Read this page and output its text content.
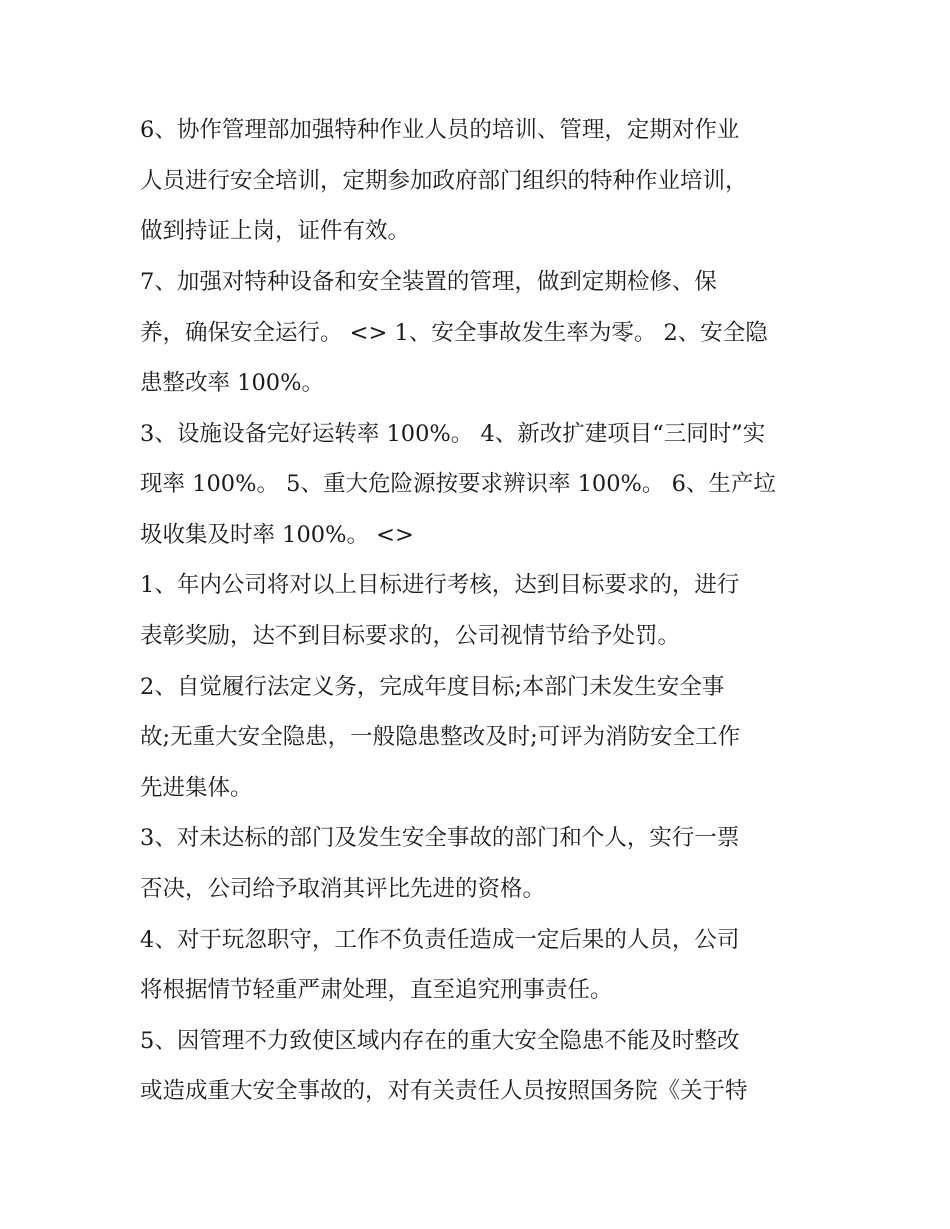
6、协作管理部加强特种作业人员的培训、管理，定期对作业

人员进行安全培训，定期参加政府部门组织的特种作业培训，

做到持证上岗，证件有效。

7、加强对特种设备和安全装置的管理，做到定期检修、保

养，确保安全运行。 <> 1、安全事故发生率为零。 2、安全隐

患整改率 100%。

3、设施设备完好运转率 100%。 4、新改扩建项目“三同时”实

现率 100%。 5、重大危险源按要求辨识率 100%。 6、生产垃

圾收集及时率 100%。 <>

1、年内公司将对以上目标进行考核，达到目标要求的，进行

表彰奖励，达不到目标要求的，公司视情节给予处罚。

2、自觉履行法定义务，完成年度目标;本部门未发生安全事

故;无重大安全隐患，一般隐患整改及时;可评为消防安全工作

先进集体。

3、对未达标的部门及发生安全事故的部门和个人，实行一票

否决，公司给予取消其评比先进的资格。

4、对于玩忽职守，工作不负责任造成一定后果的人员，公司

将根据情节轻重严肃处理，直至追究刑事责任。

5、因管理不力致使区域内存在的重大安全隐患不能及时整改

或造成重大安全事故的，对有关责任人员按照国务院《关于特
